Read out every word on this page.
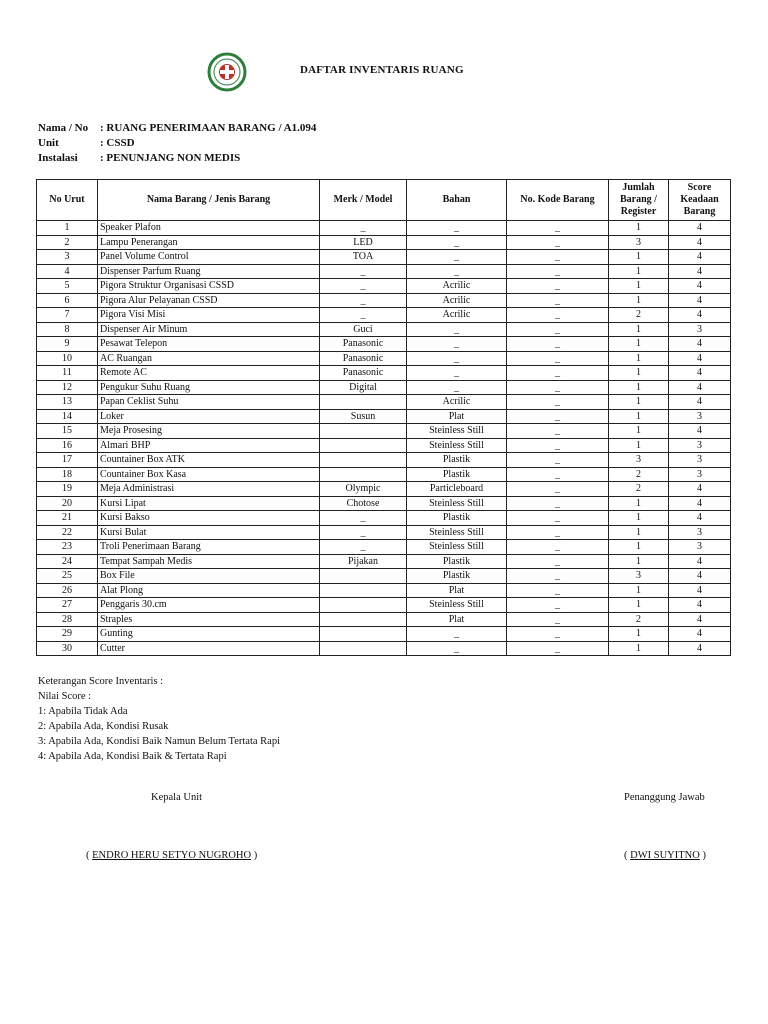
DAFTAR INVENTARIS RUANG
Nama / No	: RUANG PENERIMAAN BARANG / A1.094
Unit	: CSSD
Instalasi	: PENUNJANG NON MEDIS
No Urut	Nama Barang / Jenis Barang	Merk / Model	Bahan	No. Kode Barang	Jumlah Barang / Register	Score Keadaan Barang
1	Speaker Plafon	_	_	_	1	4
2	Lampu Penerangan	LED	_	_	3	4
3	Panel Volume Control	TOA	_	_	1	4
4	Dispenser Parfum Ruang	_	_	_	1	4
5	Pigora Struktur Organisasi CSSD	_	Acrilic	_	1	4
6	Pigora Alur Pelayanan CSSD	_	Acrilic	_	1	4
7	Pigora Visi Misi	_	Acrilic	_	2	4
8	Dispenser Air Minum	Guci	_	_	1	3
9	Pesawat Telepon	Panasonic	_	_	1	4
10	AC Ruangan	Panasonic	_	_	1	4
11	Remote AC	Panasonic	_	_	1	4
12	Pengukur Suhu Ruang	Digital	_	_	1	4
13	Papan Ceklist Suhu		Acrilic	_	1	4
14	Loker	Susun	Plat	_	1	3
15	Meja Prosesing		Steinless Still	_	1	4
16	Almari BHP		Steinless Still	_	1	3
17	Countainer Box ATK		Plastik	_	3	3
18	Countainer Box Kasa		Plastik	_	2	3
19	Meja Administrasi	Olympic	Particleboard	_	2	4
20	Kursi Lipat	Chotose	Steinless Still	_	1	4
21	Kursi Bakso	_	Plastik	_	1	4
22	Kursi Bulat	_	Steinless Still	_	1	3
23	Troli Penerimaan Barang	_	Steinless Still	_	1	3
24	Tempat Sampah Medis	Pijakan	Plastik	_	1	4
25	Box File		Plastik	_	3	4
26	Alat Plong		Plat	_	1	4
27	Penggaris 30.cm		Steinless Still	_	1	4
28	Straples		Plat	_	2	4
29	Gunting		_	_	1	4
30	Cutter		_	_	1	4
Keterangan Score Inventaris :
Nilai Score :
1: Apabila Tidak Ada
2: Apabila Ada, Kondisi Rusak
3: Apabila Ada, Kondisi Baik Namun Belum Tertata Rapi
4: Apabila Ada, Kondisi Baik & Tertata Rapi
Kepala Unit	Penanggung Jawab
( ENDRO HERU SETYO NUGROHO )	( DWI SUYITNO )
